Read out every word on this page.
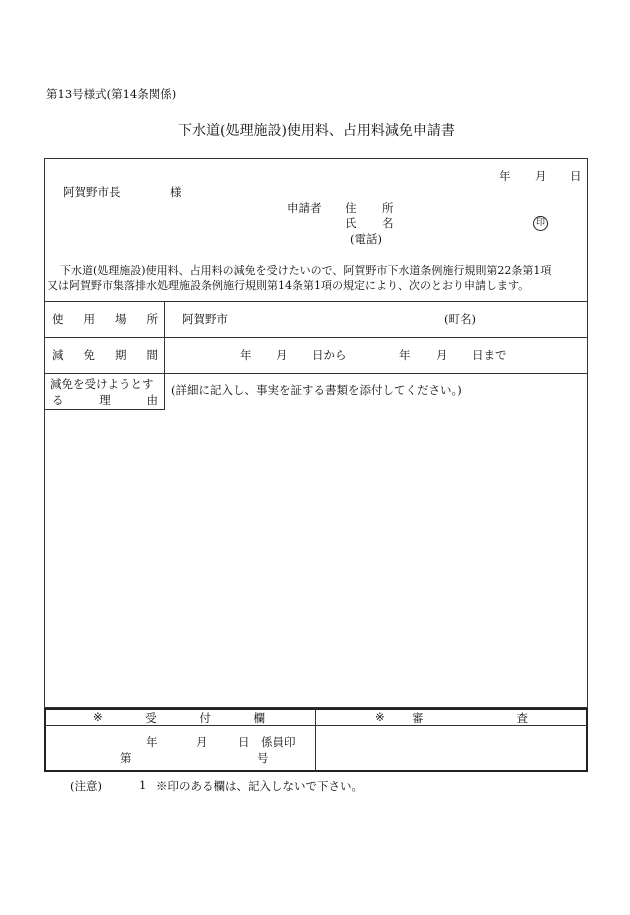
第13号様式(第14条関係)
下水道(処理施設)使用料、占用料減免申請書
年 月 日
阿賀野市長	様
申請者 住 所
氏 名	印
(電話)
下水道(処理施設)使用料、占用料の減免を受けたいので、阿賀野市下水道条例施行規則第22条第1項
又は阿賀野市集落排水処理施設条例施行規則第14条第1項の規定により、次のとおり申請します。
使 用 場 所 阿賀野市	(町名)
減 免 期 間	年 月 日から	年 月 日まで
減免を受けようとす
る	理	由
(詳細に記入し、事実を証する書類を添付してください。)
※	受	付	欄	※ 審	査
年	月	日 係員印
第	号
(注意)	1 ※印のある欄は、記入しないで下さい。
